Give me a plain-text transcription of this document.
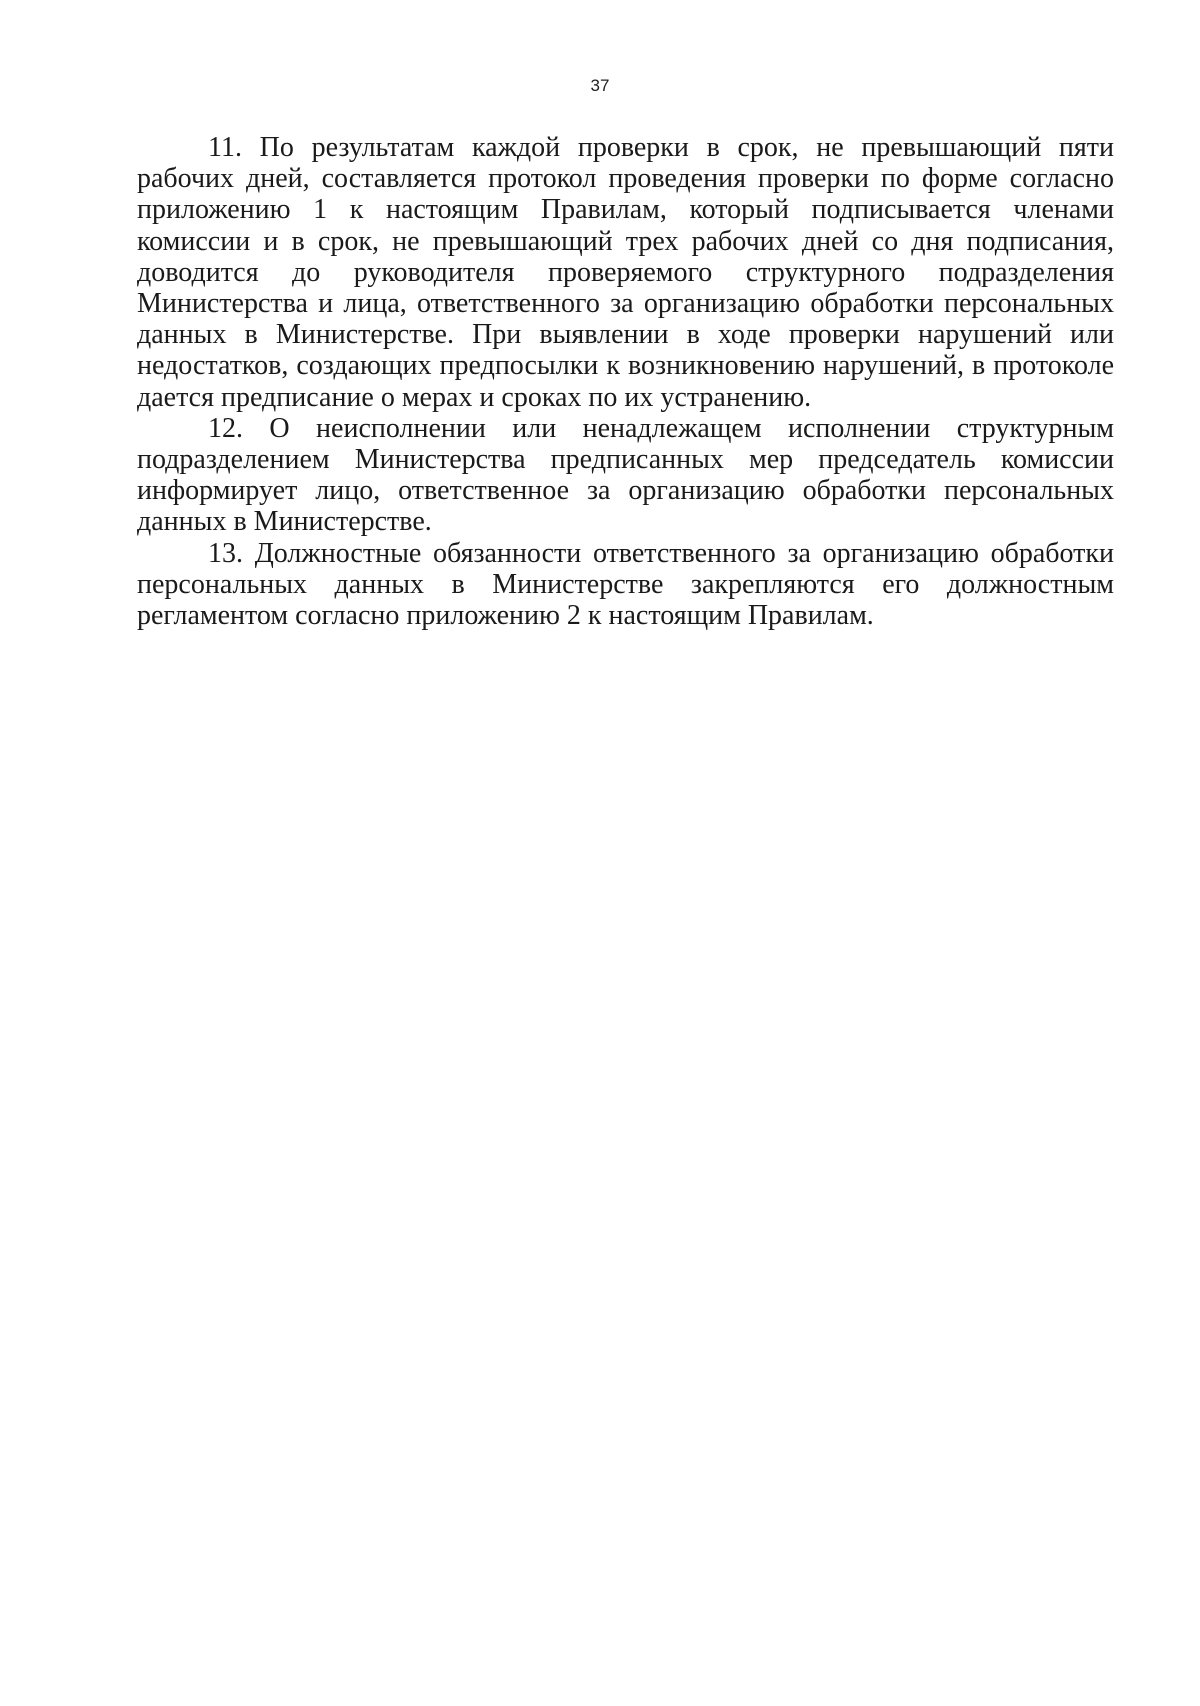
37

11. По результатам каждой проверки в срок, не превышающий пяти рабочих дней, составляется протокол проведения проверки по форме согласно приложению 1 к настоящим Правилам, который подписывается членами комиссии и в срок, не превышающий трех рабочих дней со дня подписания, доводится до руководителя проверяемого структурного подразделения Министерства и лица, ответственного за организацию обработки персональных данных в Министерстве. При выявлении в ходе проверки нарушений или недостатков, создающих предпосылки к возникновению нарушений, в протоколе дается предписание о мерах и сроках по их устранению.

12. О неисполнении или ненадлежащем исполнении структурным подразделением Министерства предписанных мер председатель комиссии информирует лицо, ответственное за организацию обработки персональных данных в Министерстве.

13. Должностные обязанности ответственного за организацию обработки персональных данных в Министерстве закрепляются его должностным регламентом согласно приложению 2 к настоящим Правилам.
